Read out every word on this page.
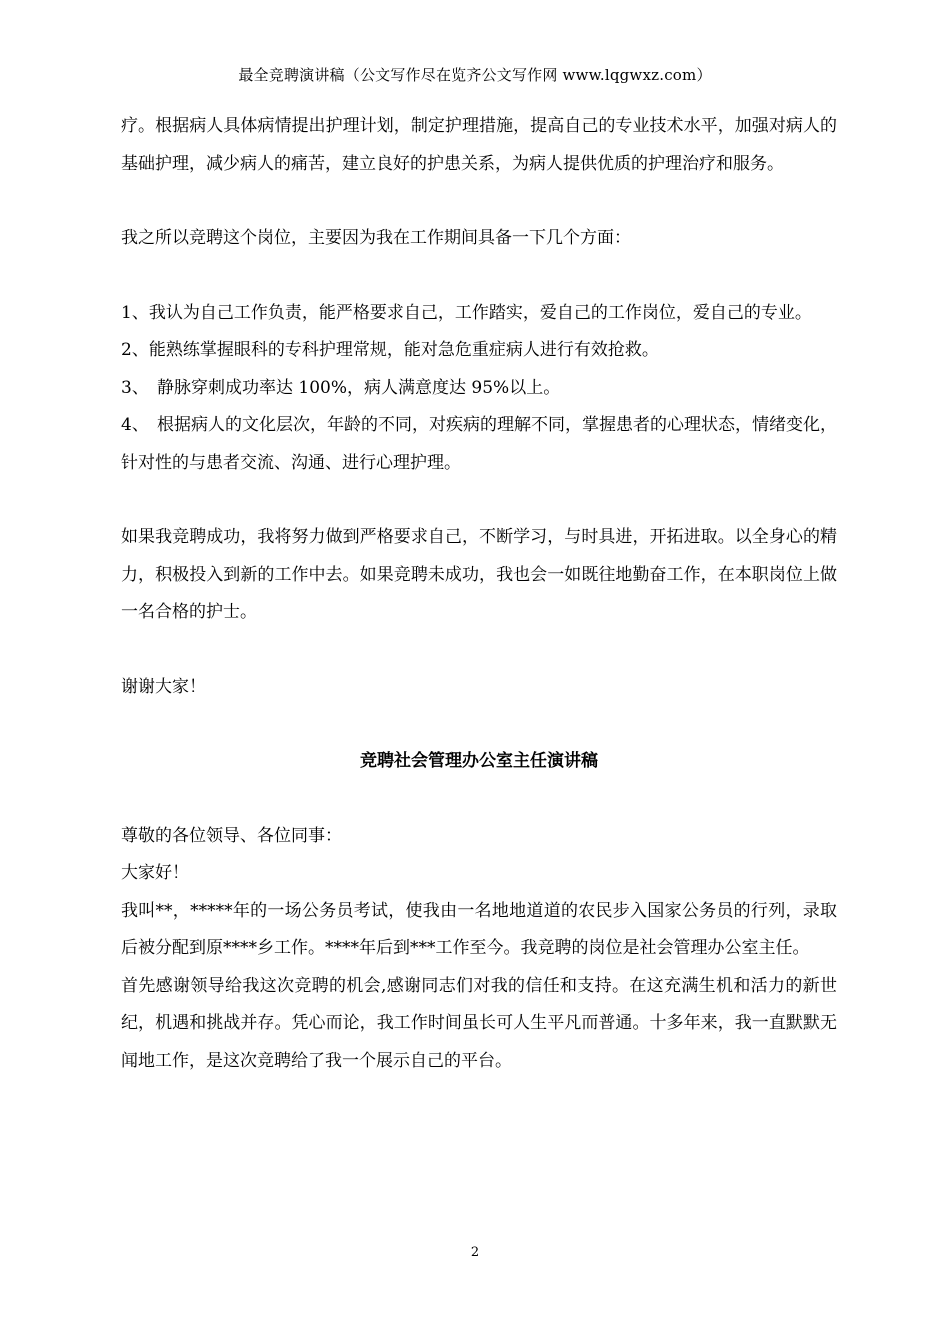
最全竞聘演讲稿（公文写作尽在览齐公文写作网 www.lqgwxz.com）

疗。根据病人具体病情提出护理计划，制定护理措施，提高自己的专业技术水平，加强对病人的基础护理，减少病人的痛苦，建立良好的护患关系，为病人提供优质的护理治疗和服务。

我之所以竞聘这个岗位，主要因为我在工作期间具备一下几个方面：

1、我认为自己工作负责，能严格要求自己，工作踏实，爱自己的工作岗位，爱自己的专业。

2、能熟练掌握眼科的专科护理常规，能对急危重症病人进行有效抢救。

3、 静脉穿刺成功率达 100%，病人满意度达 95%以上。

4、 根据病人的文化层次，年龄的不同，对疾病的理解不同，掌握患者的心理状态，情绪变化，针对性的与患者交流、沟通、进行心理护理。

如果我竞聘成功，我将努力做到严格要求自己，不断学习，与时具进，开拓进取。以全身心的精力，积极投入到新的工作中去。如果竞聘未成功，我也会一如既往地勤奋工作，在本职岗位上做一名合格的护士。

谢谢大家！

竞聘社会管理办公室主任演讲稿

尊敬的各位领导、各位同事：

大家好！

我叫**，*****年的一场公务员考试，使我由一名地地道道的农民步入国家公务员的行列，录取后被分配到原****乡工作。****年后到***工作至今。我竞聘的岗位是社会管理办公室主任。

首先感谢领导给我这次竞聘的机会,感谢同志们对我的信任和支持。在这充满生机和活力的新世纪，机遇和挑战并存。凭心而论，我工作时间虽长可人生平凡而普通。十多年来，我一直默默无闻地工作，是这次竞聘给了我一个展示自己的平台。

2
